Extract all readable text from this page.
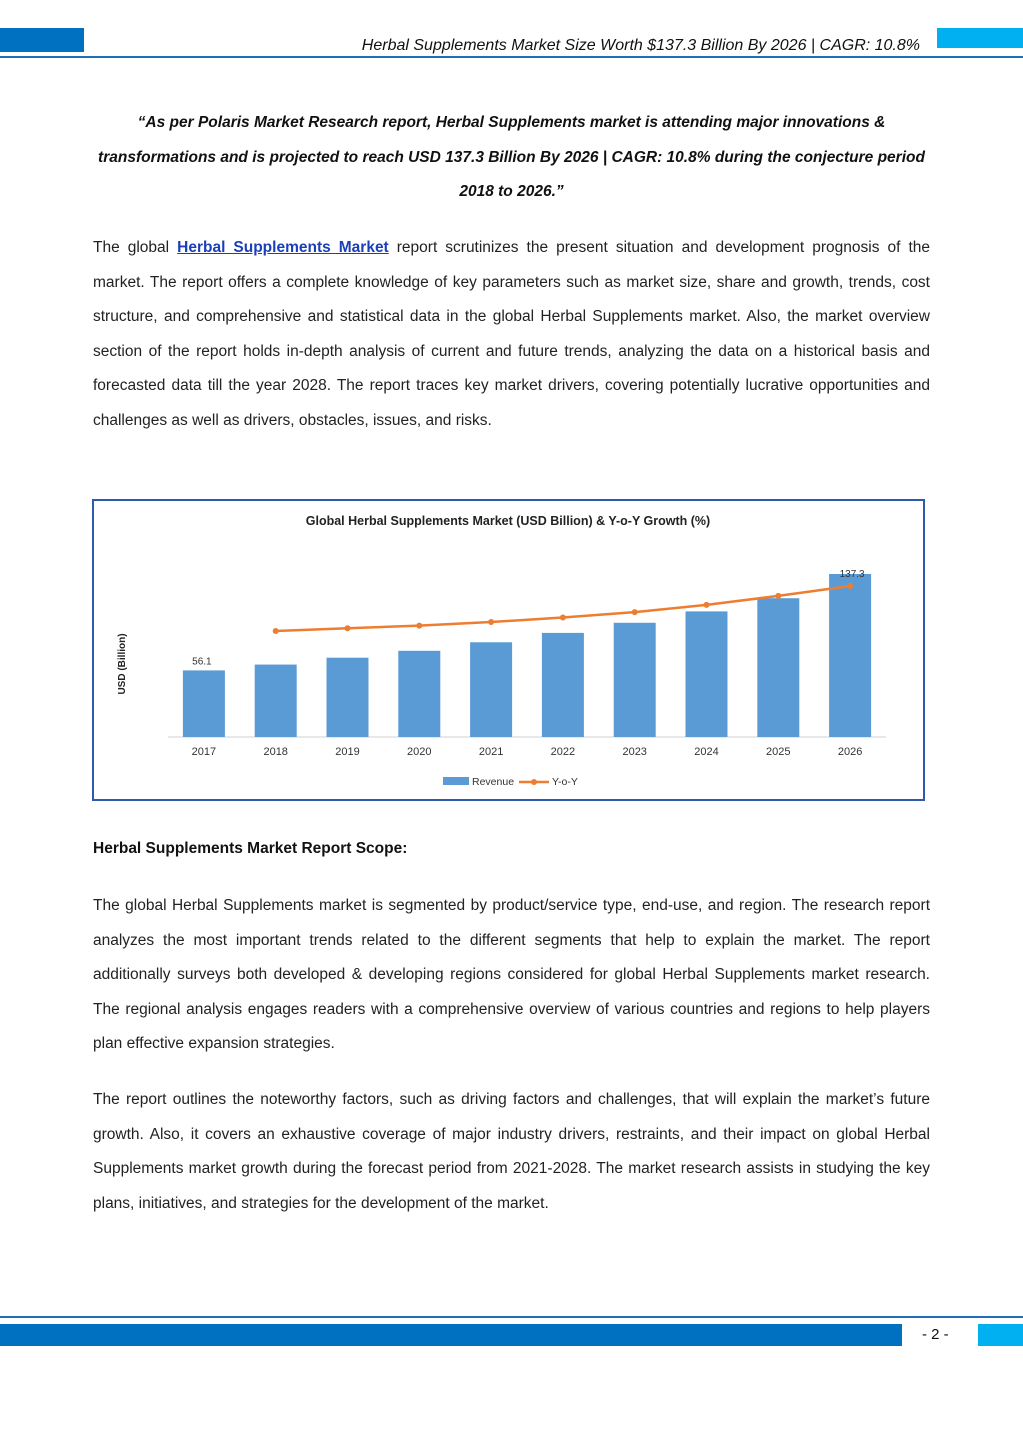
Herbal Supplements Market Size Worth $137.3 Billion By 2026 | CAGR: 10.8%
“As per Polaris Market Research report, Herbal Supplements market is attending major innovations & transformations and is projected to reach USD 137.3 Billion By 2026 | CAGR: 10.8% during the conjecture period 2018 to 2026.”
The global Herbal Supplements Market report scrutinizes the present situation and development prognosis of the market. The report offers a complete knowledge of key parameters such as market size, share and growth, trends, cost structure, and comprehensive and statistical data in the global Herbal Supplements market. Also, the market overview section of the report holds in-depth analysis of current and future trends, analyzing the data on a historical basis and forecasted data till the year 2028. The report traces key market drivers, covering potentially lucrative opportunities and challenges as well as drivers, obstacles, issues, and risks.
Global Herbal Supplements Market (USD Billion) & Y-o-Y Growth (%)
USD (Billion)
2017	2018	2019	2020	2021	2022	2023	2024	2025	2026
56.1
137.3
Revenue	Y-o-Y
Herbal Supplements Market Report Scope:
The global Herbal Supplements market is segmented by product/service type, end-use, and region. The research report analyzes the most important trends related to the different segments that help to explain the market. The report additionally surveys both developed & developing regions considered for global Herbal Supplements market research. The regional analysis engages readers with a comprehensive overview of various countries and regions to help players plan effective expansion strategies.
The report outlines the noteworthy factors, such as driving factors and challenges, that will explain the market’s future growth. Also, it covers an exhaustive coverage of major industry drivers, restraints, and their impact on global Herbal Supplements market growth during the forecast period from 2021-2028. The market research assists in studying the key plans, initiatives, and strategies for the development of the market.
- 2 -
